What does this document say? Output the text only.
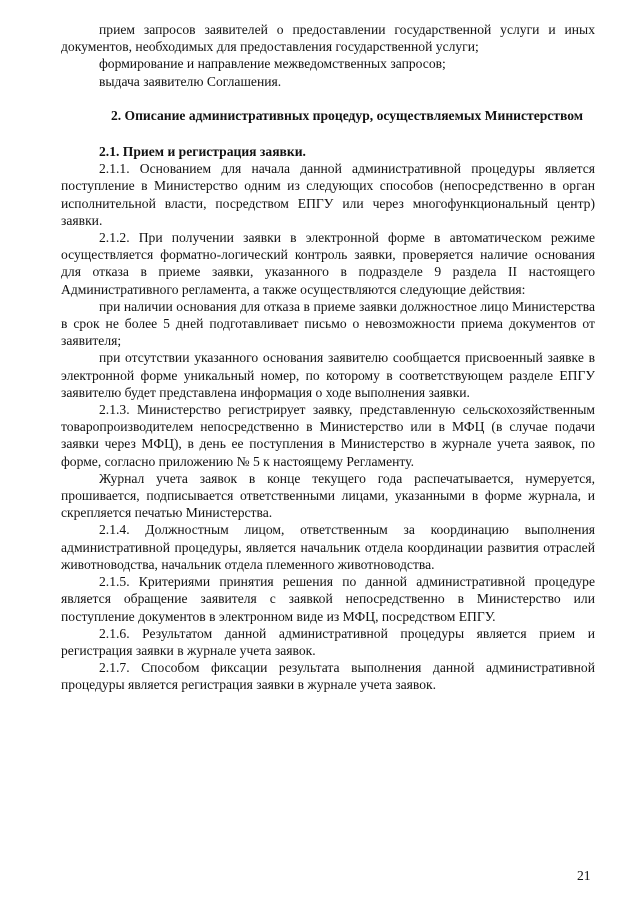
прием запросов заявителей о предоставлении государственной услуги и иных документов, необходимых для предоставления государственной услуги;

формирование и направление межведомственных запросов;

выдача заявителю Соглашения.

2. Описание административных процедур, осуществляемых Министерством

2.1. Прием и регистрация заявки.

2.1.1. Основанием для начала данной административной процедуры является поступление в Министерство одним из следующих способов (непосредственно в орган исполнительной власти, посредством ЕПГУ или через многофункциональный центр) заявки.

2.1.2. При получении заявки в электронной форме в автоматическом режиме осуществляется форматно-логический контроль заявки, проверяется наличие основания для отказа в приеме заявки, указанного в подразделе 9 раздела II настоящего Административного регламента, а также осуществляются следующие действия:

при наличии основания для отказа в приеме заявки должностное лицо Министерства в срок не более 5 дней подготавливает письмо о невозможности приема документов от заявителя;

при отсутствии указанного основания заявителю сообщается присвоенный заявке в электронной форме уникальный номер, по которому в соответствующем разделе ЕПГУ заявителю будет представлена информация о ходе выполнения заявки.

2.1.3. Министерство регистрирует заявку, представленную сельскохозяйственным товаропроизводителем непосредственно в Министерство или в МФЦ (в случае подачи заявки через МФЦ), в день ее поступления в Министерство в журнале учета заявок, по форме, согласно приложению № 5 к настоящему Регламенту.

Журнал учета заявок в конце текущего года распечатывается, нумеруется, прошивается, подписывается ответственными лицами, указанными в форме журнала, и скрепляется печатью Министерства.

2.1.4. Должностным лицом, ответственным за координацию выполнения административной процедуры, является начальник отдела координации развития отраслей животноводства, начальник отдела племенного животноводства.

2.1.5. Критериями принятия решения по данной административной процедуре является обращение заявителя с заявкой непосредственно в Министерство или поступление документов в электронном виде из МФЦ, посредством ЕПГУ.

2.1.6. Результатом данной административной процедуры является прием и регистрация заявки в журнале учета заявок.

2.1.7. Способом фиксации результата выполнения данной административной процедуры является регистрация заявки в журнале учета заявок.

21
